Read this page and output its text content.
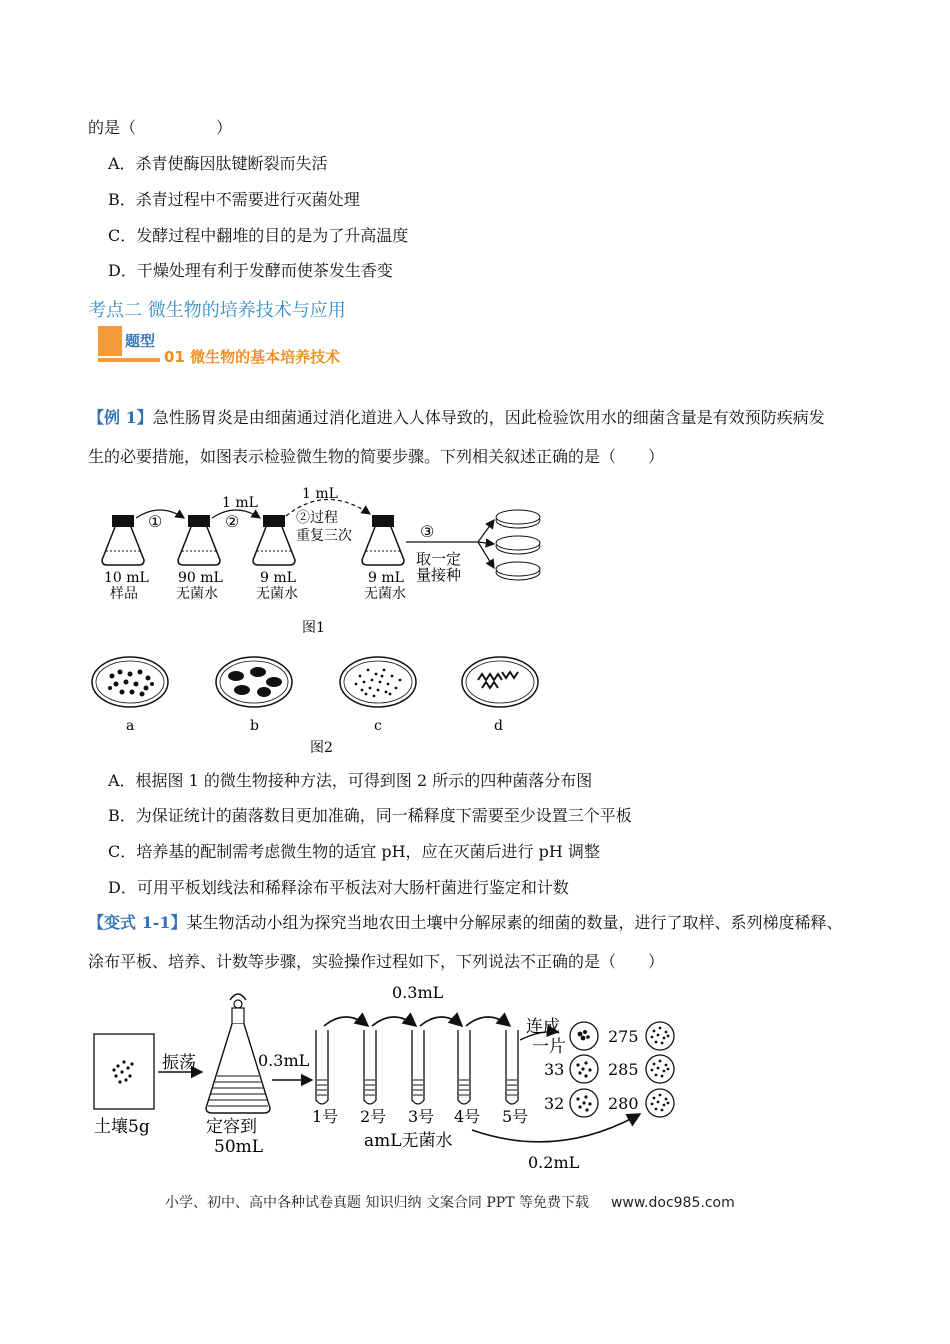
的是（　　　　　）
A．杀青使酶因肽键断裂而失活
B．杀青过程中不需要进行灭菌处理
C．发酵过程中翻堆的目的是为了升高温度
D．干燥处理有利于发酵而使茶发生香变
考点二 微生物的培养技术与应用
题型
01 微生物的基本培养技术
【例 1】急性肠胃炎是由细菌通过消化道进入人体导致的，因此检验饮用水的细菌含量是有效预防疾病发
生的必要措施，如图表示检验微生物的简要步骤。下列相关叙述正确的是（　　）
①	②
1 mL
1 mL
②过程
重复三次	③
取一定
量接种
10 mL
样品
90 mL
无菌水
9 mL
无菌水
9 mL
无菌水
图1
a	b	c	d
图2
A．根据图 1 的微生物接种方法，可得到图 2 所示的四种菌落分布图
B．为保证统计的菌落数目更加准确，同一稀释度下需要至少设置三个平板
C．培养基的配制需考虑微生物的适宜 pH，应在灭菌后进行 pH 调整
D．可用平板划线法和稀释涂布平板法对大肠杆菌进行鉴定和计数
【变式 1-1】某生物活动小组为探究当地农田土壤中分解尿素的细菌的数量，进行了取样、系列梯度稀释、
涂布平板、培养、计数等步骤，实验操作过程如下，下列说法不正确的是（　　）
土壤5g
振荡
定容到
50mL
0.3mL
0.3mL
0.2mL
1号 2号 3号 4号 5号
amL无菌水
连成
一片
33
32
275
285
280
小学、初中、高中各种试卷真题 知识归纳 文案合同 PPT 等免费下载 www.doc985.com
